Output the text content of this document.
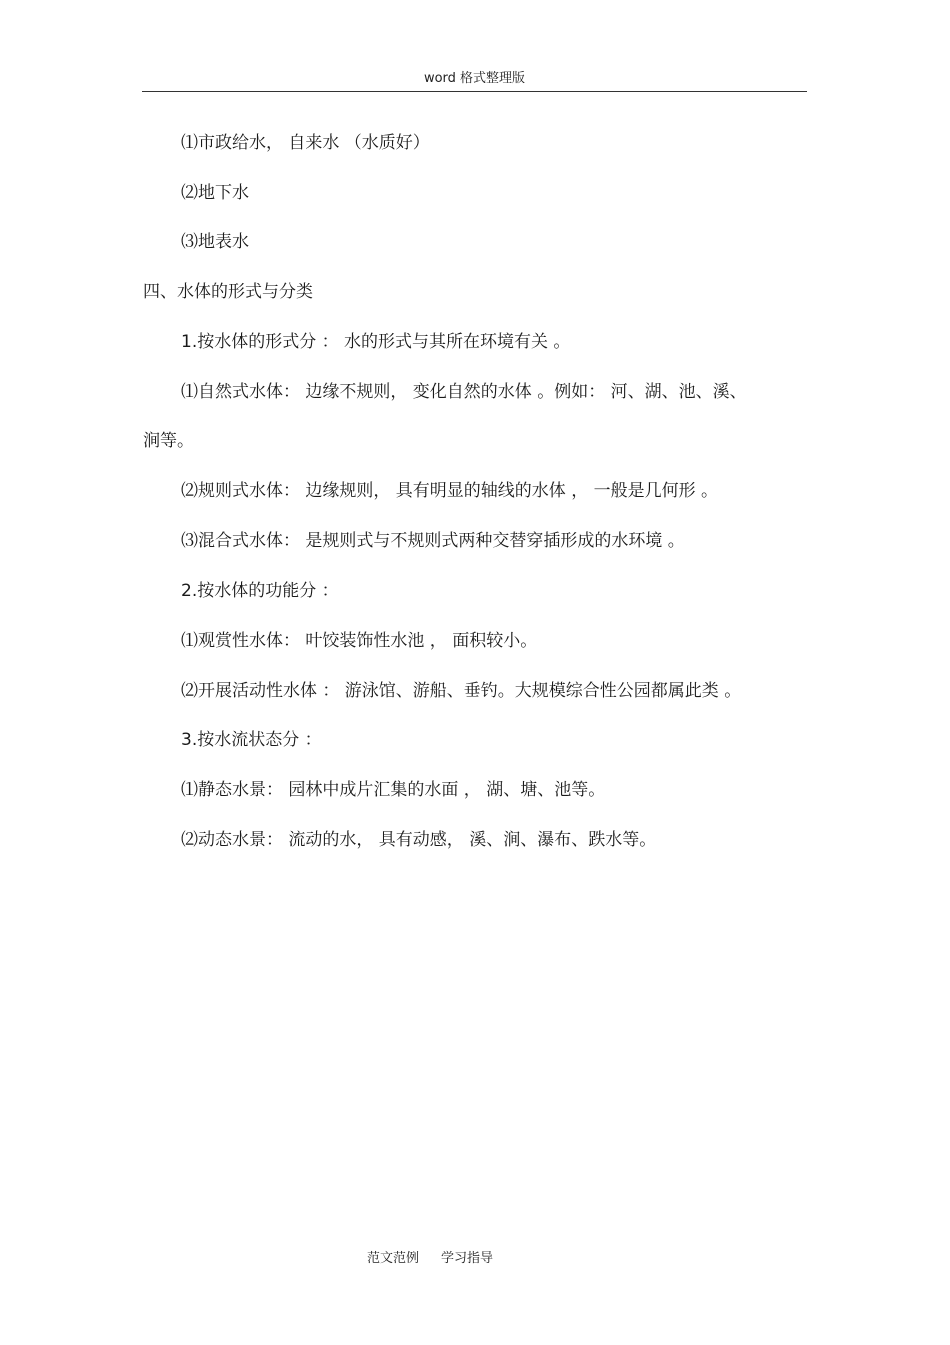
word 格式整理版
⑴市政给水， 自来水 （水质好）
⑵地下水
⑶地表水
四、水体的形式与分类
1.按水体的形式分 ： 水的形式与其所在环境有关 。
⑴自然式水体： 边缘不规则， 变化自然的水体 。例如： 河、湖、池、溪、
涧等。
⑵规则式水体： 边缘规则， 具有明显的轴线的水体 ， 一般是几何形 。
⑶混合式水体： 是规则式与不规则式两种交替穿插形成的水环境 。
2.按水体的功能分 ：
⑴观赏性水体： 叶饺装饰性水池 ， 面积较小。
⑵开展活动性水体 ： 游泳馆、游船、垂钓。大规模综合性公园都属此类 。
3.按水流状态分 ：
⑴静态水景： 园林中成片汇集的水面 ， 湖、塘、池等。
⑵动态水景： 流动的水， 具有动感， 溪、涧、瀑布、跌水等。
范文范例 学习指导
